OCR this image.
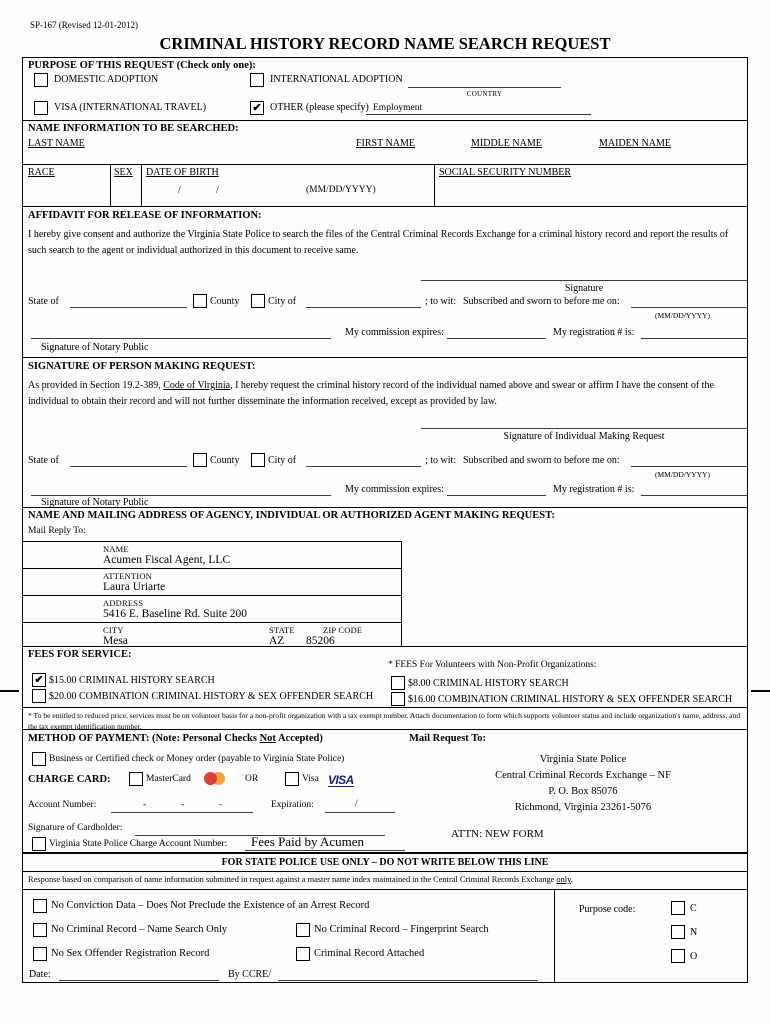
SP-167 (Revised 12-01-2012)
CRIMINAL HISTORY RECORD NAME SEARCH REQUEST
PURPOSE OF THIS REQUEST (Check only one):
DOMESTIC ADOPTION	INTERNATIONAL ADOPTION
COUNTRY
VISA (INTERNATIONAL TRAVEL)	✔ OTHER (please specify) Employment
NAME INFORMATION TO BE SEARCHED:
LAST NAME	FIRST NAME	MIDDLE NAME	MAIDEN NAME
RACE	SEX DATE OF BIRTH
/	/	(MM/DD/YYYY)
SOCIAL SECURITY NUMBER
AFFIDAVIT FOR RELEASE OF INFORMATION:
I hereby give consent and authorize the Virginia State Police to search the files of the Central Criminal Records Exchange for a criminal history record and report the results of such search to the agent or individual authorized in this document to receive same.
Signature
State of	County	City of	; to wit: Subscribed and sworn to before me on:
(MM/DD/YYYY)
My commission expires:	My registration # is:
Signature of Notary Public
SIGNATURE OF PERSON MAKING REQUEST:
As provided in Section 19.2-389, Code of Virginia, I hereby request the criminal history record of the individual named above and swear or affirm I have the consent of the individual to obtain their record and will not further disseminate the information received, except as provided by law.
Signature of Individual Making Request
State of	County	City of	; to wit: Subscribed and sworn to before me on:
(MM/DD/YYYY)
My commission expires:	My registration # is:
Signature of Notary Public
NAME AND MAILING ADDRESS OF AGENCY, INDIVIDUAL OR AUTHORIZED AGENT MAKING REQUEST:
Mail Reply To:
NAME
Acumen Fiscal Agent, LLC
ATTENTION
Laura Uriarte
ADDRESS
5416 E. Baseline Rd. Suite 200
CITY
Mesa
STATE
AZ
ZIP CODE
85206
FEES FOR SERVICE:
* FEES For Volunteers with Non-Profit Organizations:
✔ $15.00 CRIMINAL HISTORY SEARCH
$20.00 COMBINATION CRIMINAL HISTORY & SEX OFFENDER SEARCH
$8.00 CRIMINAL HISTORY SEARCH
$16.00 COMBINATION CRIMINAL HISTORY & SEX OFFENDER SEARCH
* To be entitled to reduced price, services must be on volunteer basis for a non-profit organization with a tax exempt number. Attach documentation to form which supports volunteer status and include organization's name, address, and the tax exempt identification number.
METHOD OF PAYMENT: (Note: Personal Checks Not Accepted)	Mail Request To:
Business or Certified check or Money order (payable to Virginia State Police)
CHARGE CARD:	MasterCard	OR	Visa VISA
Account Number:	-	-	-	Expiration:	/
Signature of Cardholder:
Virginia State Police Charge Account Number: Fees Paid by Acumen
Virginia State Police
Central Criminal Records Exchange – NF
P. O. Box 85076
Richmond, Virginia 23261-5076
ATTN: NEW FORM
FOR STATE POLICE USE ONLY – DO NOT WRITE BELOW THIS LINE
Response based on comparison of name information submitted in request against a master name index maintained in the Central Criminal Records Exchange only.
No Conviction Data – Does Not Preclude the Existence of an Arrest Record
No Criminal Record – Name Search Only	No Criminal Record – Fingerprint Search
No Sex Offender Registration Record	Criminal Record Attached
Date:	By CCRE/
Purpose code:	C
N
O
